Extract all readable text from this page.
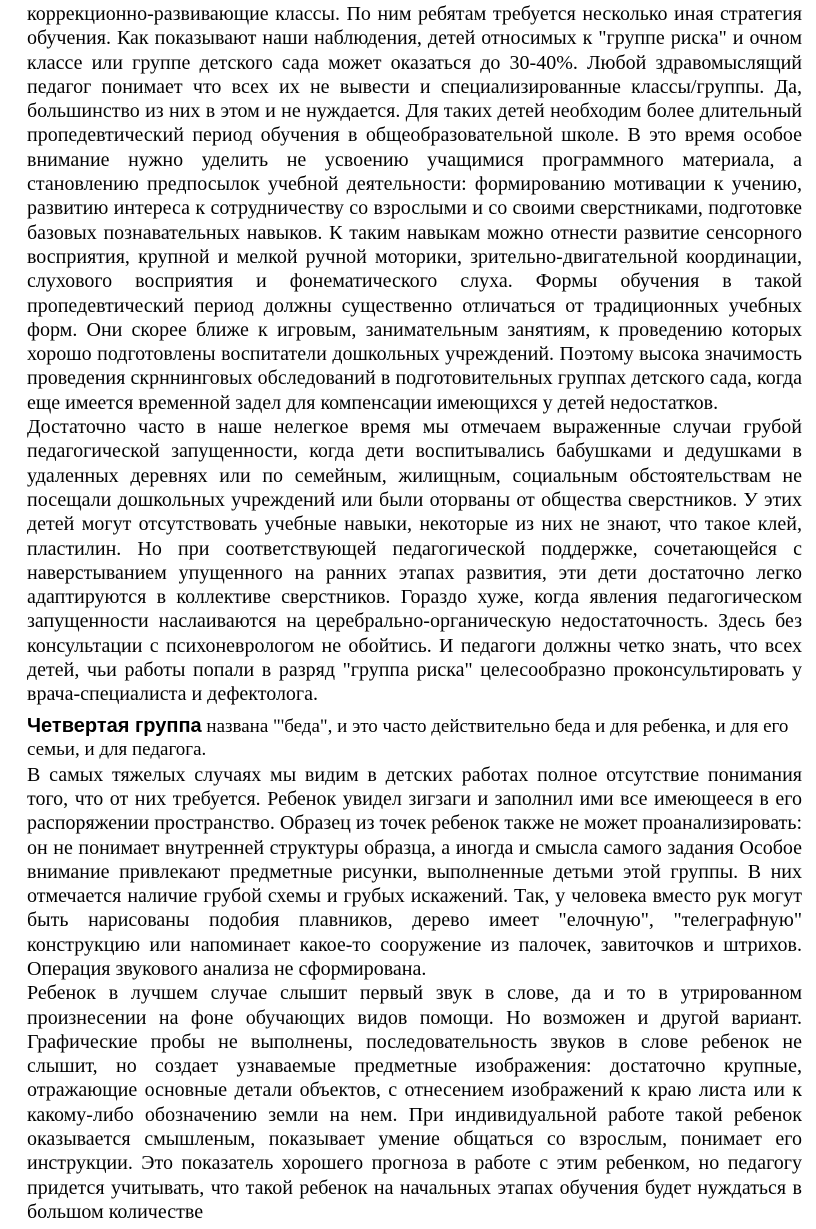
коррекционно-развивающие классы. По ним ребятам требуется несколько иная стратегия обучения. Как показывают наши наблюдения, детей относимых к "группе риска" и очном классе или группе детского сада может оказаться до 30-40%. Любой здравомыслящий педагог понимает что всех их не вывести и специализированные классы/группы. Да, большинство из них в этом и не нуждается. Для таких детей необходим более длительный пропедевтический период обучения в общеобразовательной школе. В это время особое внимание нужно уделить не усвоению учащимися программного материала, а становлению предпосылок учебной деятельности: формированию мотивации к учению, развитию интереса к сотрудничеству со взрослыми и со своими сверстниками, подготовке базовых познавательных навыков. К таким навыкам можно отнести развитие сенсорного восприятия, крупной и мелкой ручной моторики, зрительно-двигательной координации, слухового восприятия и фонематического слуха. Формы обучения в такой пропедевтический период должны существенно отличаться от традиционных учебных форм. Они скорее ближе к игровым, занимательным занятиям, к проведению которых хорошо подготовлены воспитатели дошкольных учреждений. Поэтому высока значимость проведения скрннинговых обследований в подготовительных группах детского сада, когда еще имеется временной задел для компенсации имеющихся у детей недостатков.

Достаточно часто в наше нелегкое время мы отмечаем выраженные случаи грубой педагогической запущенности, когда дети воспитывались бабушками и дедушками в удаленных деревнях или по семейным, жилищным, социальным обстоятельствам не посещали дошкольных учреждений или были оторваны от общества сверстников. У этих детей могут отсутствовать учебные навыки, некоторые из них не знают, что такое клей, пластилин. Но при соответствующей педагогической поддержке, сочетающейся с наверстыванием упущенного на ранних этапах развития, эти дети достаточно легко адаптируются в коллективе сверстников. Гораздо хуже, когда явления педагогическом запущенности наслаиваются на церебрально-органическую недостаточность. Здесь без консультации с психоневрологом не обойтись. И педагоги должны четко знать, что всех детей, чьи работы попали в разряд "группа риска" целесообразно проконсультировать у врача-специалиста и дефектолога.

Четвертая группа названа "'беда", и это часто действительно беда и для ребенка, и для его семьи, и для педагога.

В самых тяжелых случаях мы видим в детских работах полное отсутствие понимания того, что от них требуется. Ребенок увидел зигзаги и заполнил ими все имеющееся в его распоряжении пространство. Образец из точек ребенок также не может проанализировать: он не понимает внутренней структуры образца, а иногда и смысла самого задания Особое внимание привлекают предметные рисунки, выполненные детьми этой группы. В них отмечается наличие грубой схемы и грубых искажений. Так, у человека вместо рук могут быть нарисованы подобия плавников, дерево имеет "елочную", "телеграфную" конструкцию или напоминает какое-то сооружение из палочек, завиточков и штрихов. Операция звукового анализа не сформирована.

Ребенок в лучшем случае слышит первый звук в слове, да и то в утрированном произнесении на фоне обучающих видов помощи. Но возможен и другой вариант. Графические пробы не выполнены, последовательность звуков в слове ребенок не слышит, но создает узнаваемые предметные изображения: достаточно крупные, отражающие основные детали объектов, с отнесением изображений к краю листа или к какому-либо обозначению земли на нем. При индивидуальной работе такой ребенок оказывается смышленым, показывает умение общаться со взрослым, понимает его инструкции. Это показатель хорошего прогноза в работе с этим ребенком, но педагогу придется учитывать, что такой ребенок на начальных этапах обучения будет нуждаться в большом количестве
